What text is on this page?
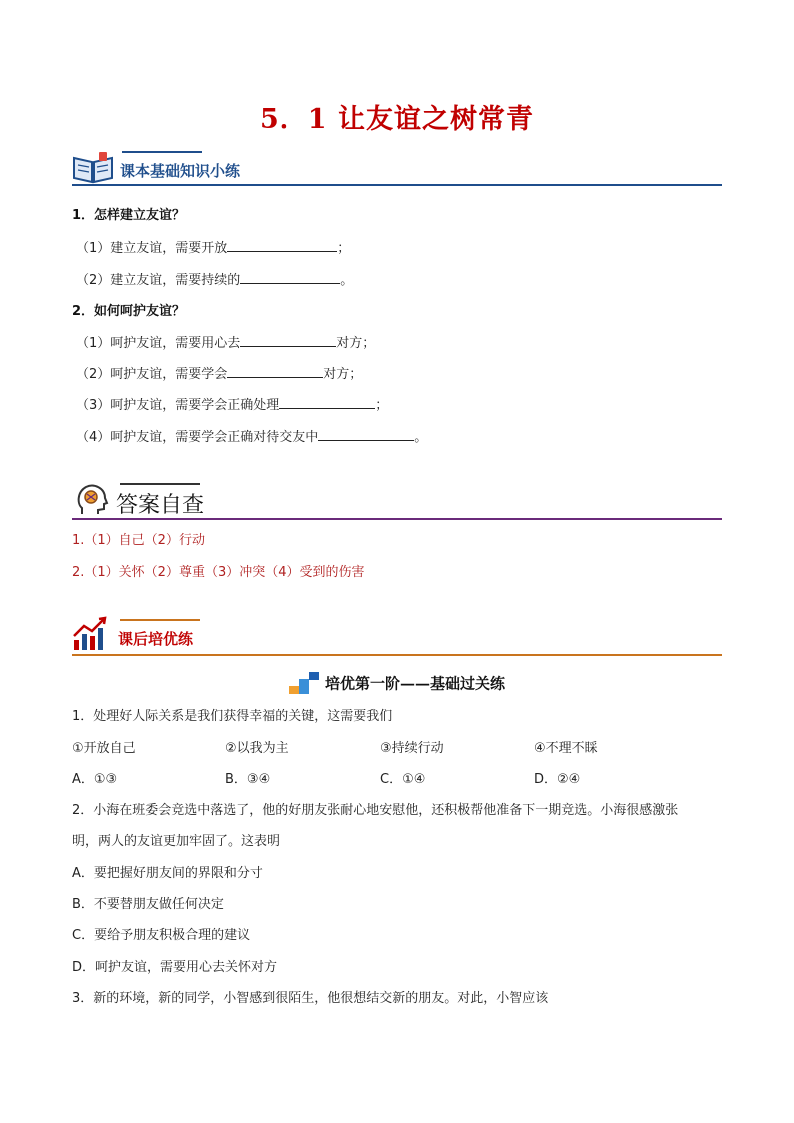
5．1 让友谊之树常青
课本基础知识小练
1．怎样建立友谊？
（1）建立友谊，需要开放	；
（2）建立友谊，需要持续的	。
2．如何呵护友谊？
（1）呵护友谊，需要用心去	对方；
（2）呵护友谊，需要学会	对方；
（3）呵护友谊，需要学会正确处理	；
（4）呵护友谊，需要学会正确对待交友中	。
答案自查
1.（1）自己（2）行动
2.（1）关怀（2）尊重（3）冲突（4）受到的伤害
课后培优练
培优第一阶——基础过关练
1．处理好人际关系是我们获得幸福的关键，这需要我们
①开放自己	②以我为主	③持续行动	④不理不睬
A．①③	B．③④	C．①④	D．②④
2．小海在班委会竞选中落选了，他的好朋友张耐心地安慰他，还积极帮他准备下一期竞选。小海很感激张
明，两人的友谊更加牢固了。这表明
A．要把握好朋友间的界限和分寸
B．不要替朋友做任何决定
C．要给予朋友积极合理的建议
D．呵护友谊，需要用心去关怀对方
3．新的环境，新的同学，小智感到很陌生，他很想结交新的朋友。对此，小智应该
